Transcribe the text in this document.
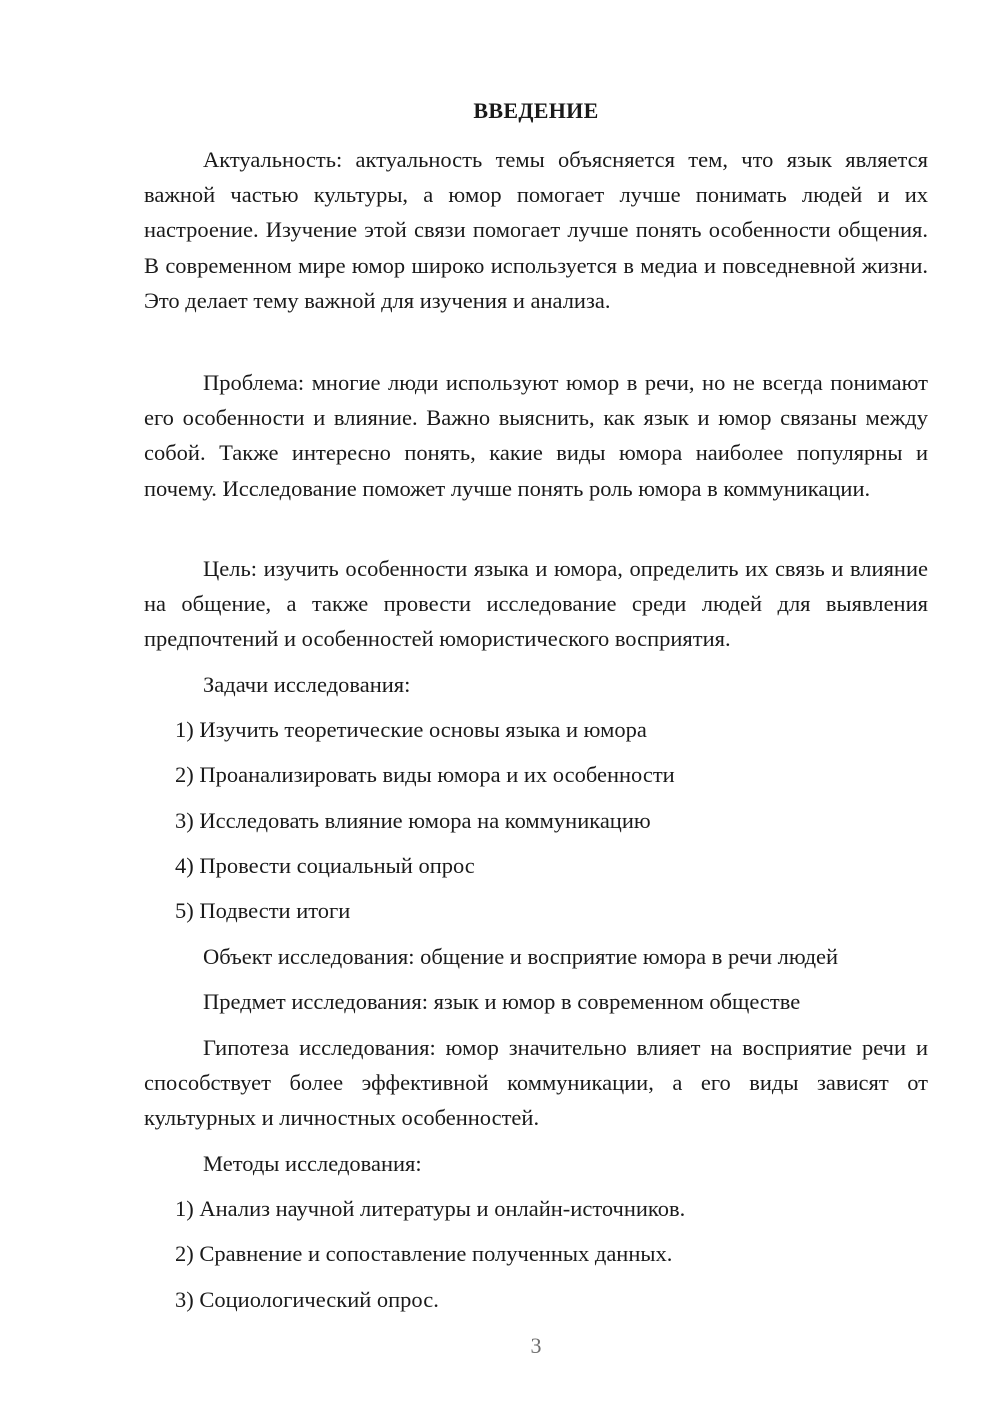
ВВЕДЕНИЕ

Актуальность: актуальность темы объясняется тем, что язык является важной частью культуры, а юмор помогает лучше понимать людей и их настроение. Изучение этой связи помогает лучше понять особенности общения. В современном мире юмор широко используется в медиа и повседневной жизни. Это делает тему важной для изучения и анализа.

Проблема: многие люди используют юмор в речи, но не всегда понимают его особенности и влияние. Важно выяснить, как язык и юмор связаны между собой. Также интересно понять, какие виды юмора наиболее популярны и почему. Исследование поможет лучше понять роль юмора в коммуникации.

Цель: изучить особенности языка и юмора, определить их связь и влияние на общение, а также провести исследование среди людей для выявления предпочтений и особенностей юмористического восприятия.

Задачи исследования:
1) Изучить теоретические основы языка и юмора
2) Проанализировать виды юмора и их особенности
3) Исследовать влияние юмора на коммуникацию
4) Провести социальный опрос
5) Подвести итоги
Объект исследования: общение и восприятие юмора в речи людей
Предмет исследования: язык и юмор в современном обществе

Гипотеза исследования: юмор значительно влияет на восприятие речи и способствует более эффективной коммуникации, а его виды зависят от культурных и личностных особенностей.

Методы исследования:
1) Анализ научной литературы и онлайн-источников.
2) Сравнение и сопоставление полученных данных.
3) Социологический опрос.
3
